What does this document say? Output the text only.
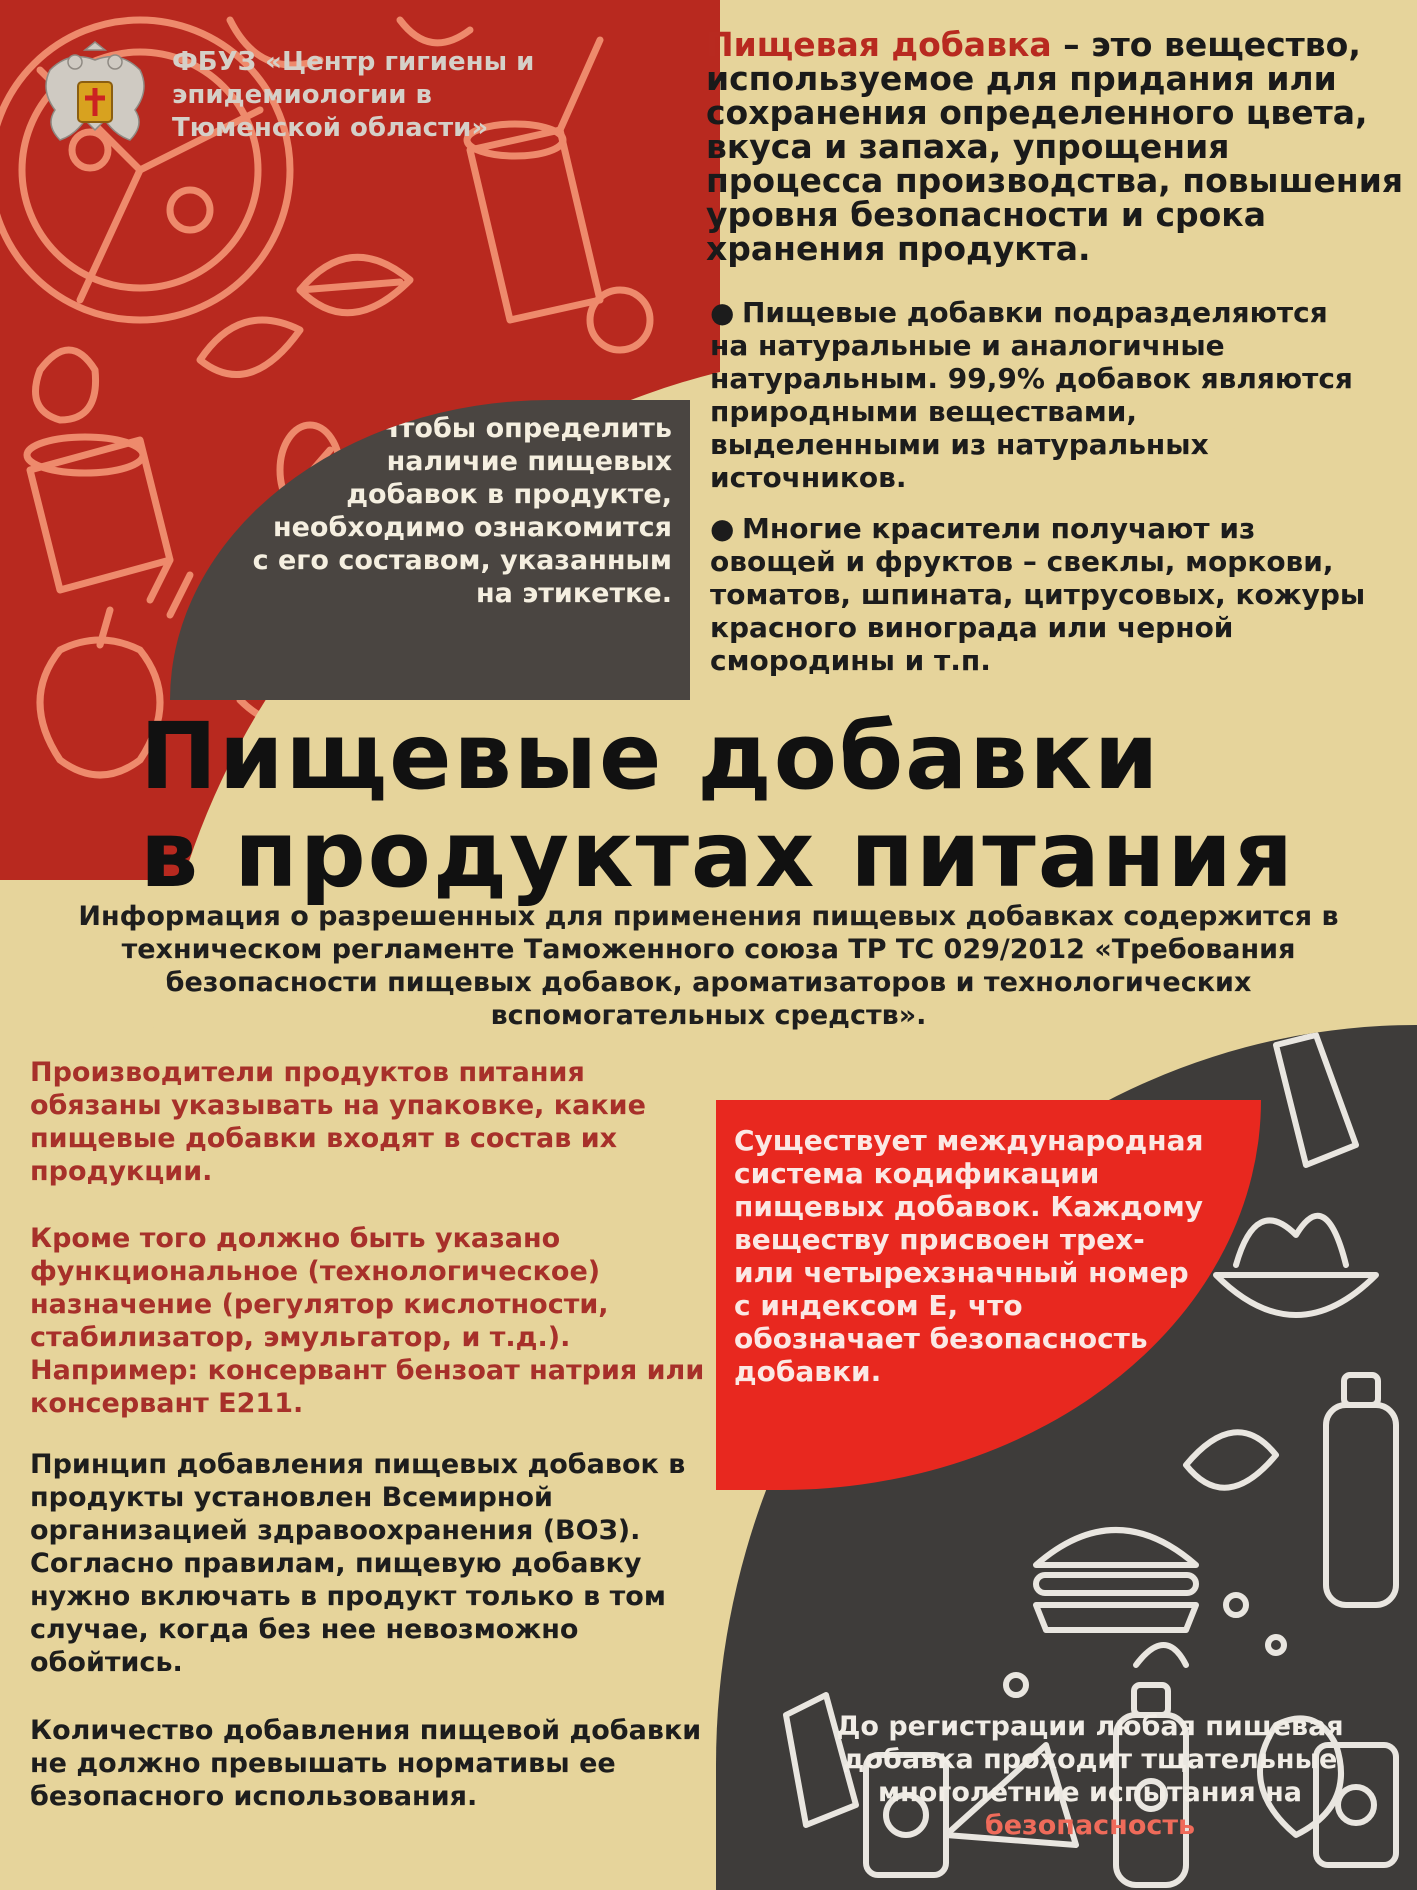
Чтобы определить наличие пищевых добавок в продукте, необходимо ознакомится с его составом, указанным на этикетке.
ФБУЗ «Центр гигиены и эпидемиологии в Тюменской области»
Пищевая добавка – это вещество, используемое для придания или сохранения определенного цвета, вкуса и запаха, упрощения процесса производства, повышения уровня безопасности и срока хранения продукта.
● Пищевые добавки подразделяются на натуральные и аналогичные натуральным. 99,9% добавок являются природными веществами, выделенными из натуральных источников.
● Многие красители получают из овощей и фруктов – свеклы, моркови, томатов, шпината, цитрусовых, кожуры красного винограда или черной смородины и т.п.
Пищевые добавки
в продуктах питания
Информация о разрешенных для применения пищевых добавках содержится в техническом регламенте Таможенного союза ТР ТС 029/2012 «Требования безопасности пищевых добавок, ароматизаторов и технологических вспомогательных средств».
Существует международная система кодификации пищевых добавок. Каждому веществу присвоен трех- или четырехзначный номер с индексом Е, что обозначает безопасность добавки.
До регистрации любая пищевая добавка проходит тщательные многолетние испытания на
безопасность
Производители продуктов питания обязаны указывать на упаковке, какие пищевые добавки входят в состав их продукции.
Кроме того должно быть указано функциональное (технологическое) назначение (регулятор кислотности, стабилизатор, эмульгатор, и т.д.). Например: консервант бензоат натрия или консервант Е211.
Принцип добавления пищевых добавок в продукты установлен Всемирной организацией здравоохранения (ВОЗ). Согласно правилам, пищевую добавку нужно включать в продукт только в том случае, когда без нее невозможно обойтись.
Количество добавления пищевой добавки не должно превышать нормативы ее безопасного использования.
